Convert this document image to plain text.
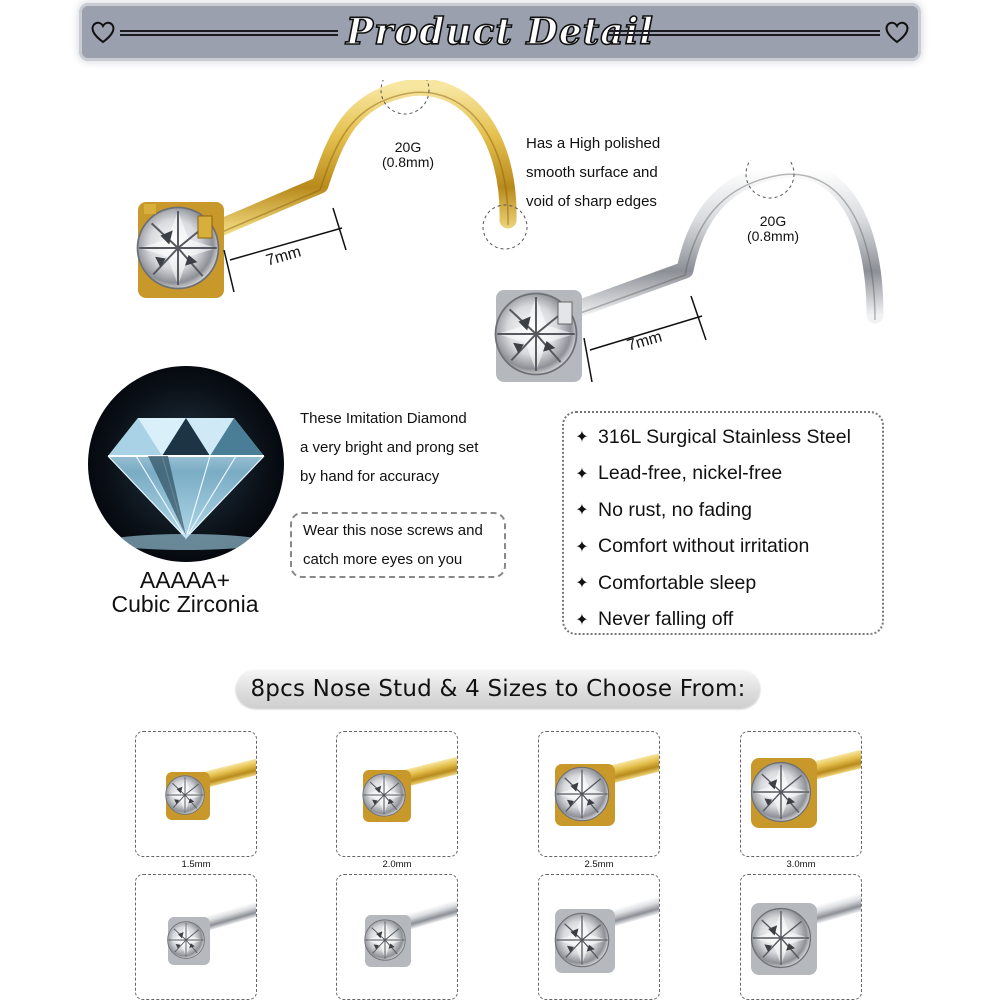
Product Detail
20G
(0.8mm)
7mm
Has a High polished
smooth surface and
void of sharp edges
20G
(0.8mm)
7mm
AAAAA+
Cubic Zirconia
These Imitation Diamond
a very bright and prong set
by hand for accuracy
Wear this nose screws and
catch more eyes on you
✦ 316L Surgical Stainless Steel
✦ Lead-free, nickel-free
✦ No rust, no fading
✦ Comfort without irritation
✦ Comfortable sleep
✦ Never falling off
8pcs Nose Stud & 4 Sizes to Choose From:
1.5mm	2.0mm	2.5mm	3.0mm
